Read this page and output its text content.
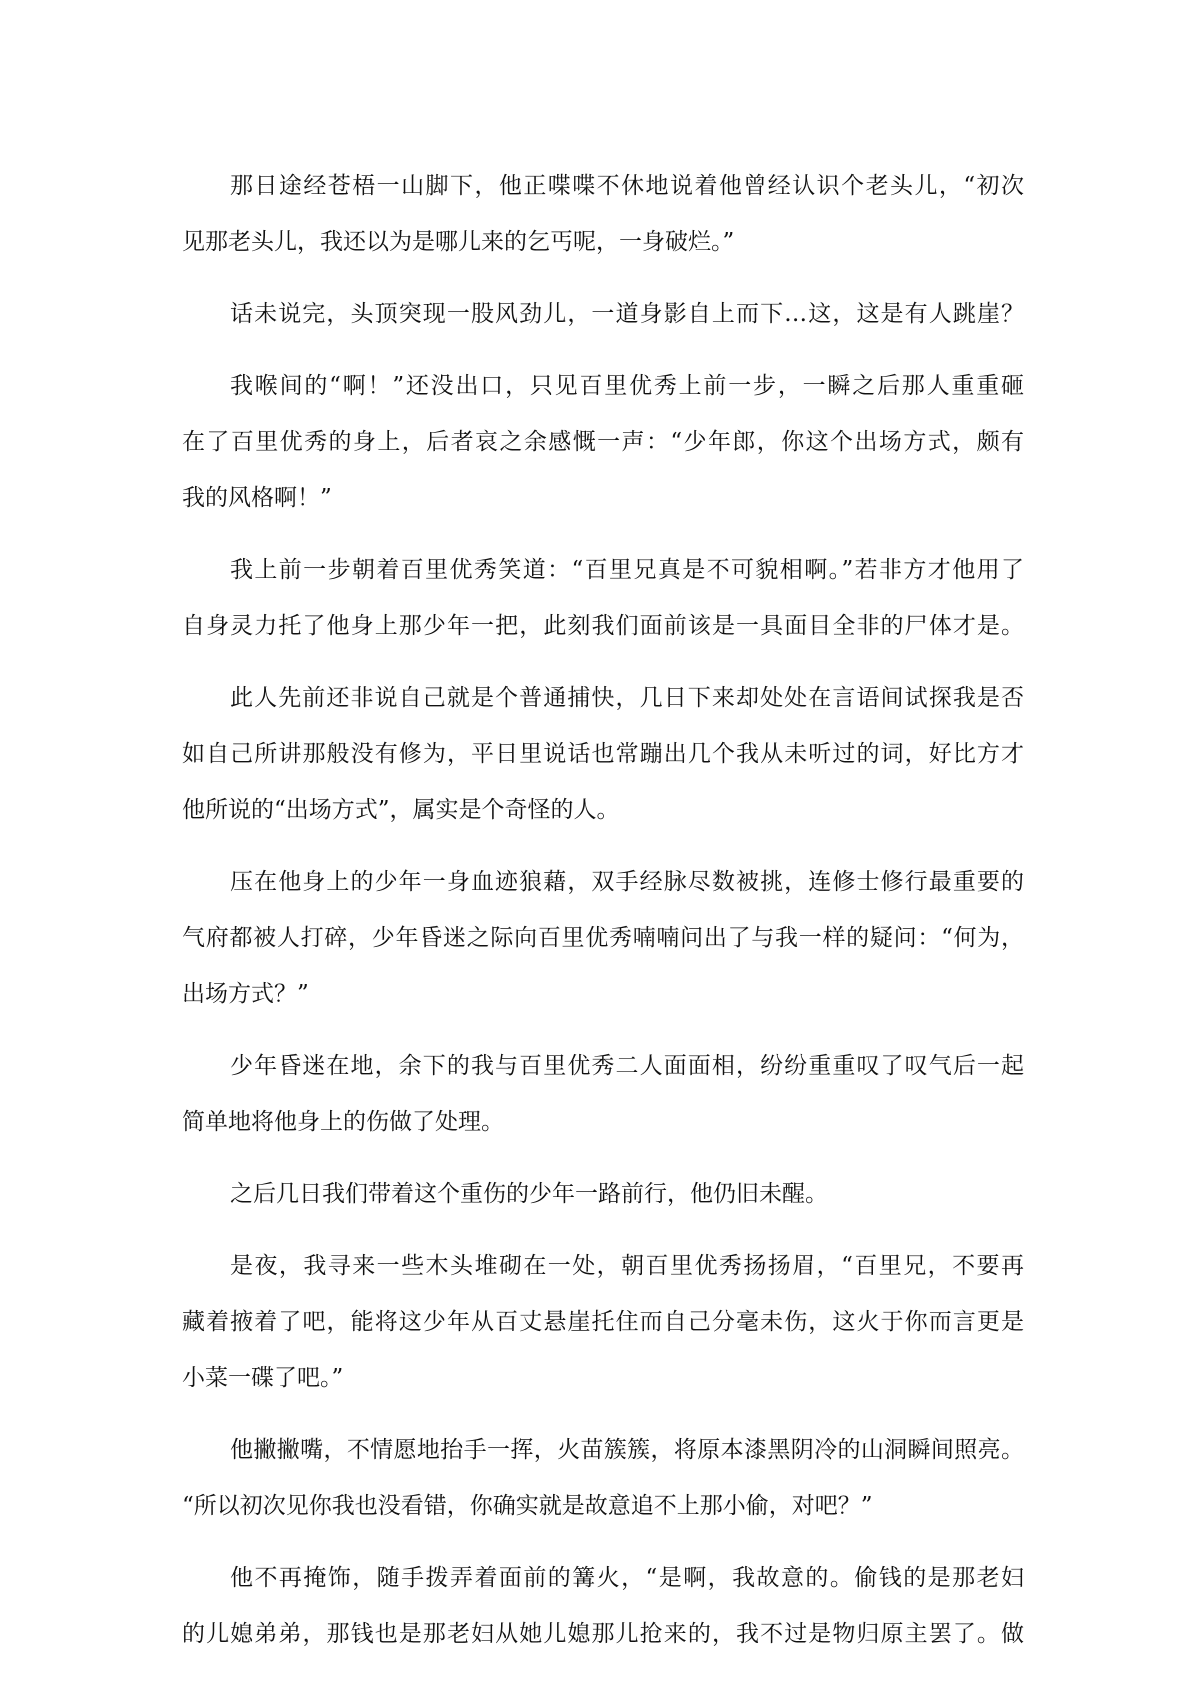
那日途经苍梧一山脚下，他正喋喋不休地说着他曾经认识个老头儿，“初次
见那老头儿，我还以为是哪儿来的乞丐呢，一身破烂。”

话未说完，头顶突现一股风劲儿，一道身影自上而下…这，这是有人跳崖？

我喉间的“啊！”还没出口，只见百里优秀上前一步，一瞬之后那人重重砸
在了百里优秀的身上，后者哀之余感慨一声：“少年郎，你这个出场方式，颇有
我的风格啊！”

我上前一步朝着百里优秀笑道：“百里兄真是不可貌相啊。”若非方才他用了
自身灵力托了他身上那少年一把，此刻我们面前该是一具面目全非的尸体才是。

此人先前还非说自己就是个普通捕快，几日下来却处处在言语间试探我是否
如自己所讲那般没有修为，平日里说话也常蹦出几个我从未听过的词，好比方才
他所说的“出场方式”，属实是个奇怪的人。

压在他身上的少年一身血迹狼藉，双手经脉尽数被挑，连修士修行最重要的
气府都被人打碎，少年昏迷之际向百里优秀喃喃问出了与我一样的疑问：“何为，
出场方式？”

少年昏迷在地，余下的我与百里优秀二人面面相，纷纷重重叹了叹气后一起
简单地将他身上的伤做了处理。

之后几日我们带着这个重伤的少年一路前行，他仍旧未醒。

是夜，我寻来一些木头堆砌在一处，朝百里优秀扬扬眉，“百里兄，不要再
藏着掖着了吧，能将这少年从百丈悬崖托住而自己分毫未伤，这火于你而言更是
小菜一碟了吧。”

他撇撇嘴，不情愿地抬手一挥，火苗簇簇，将原本漆黑阴冷的山洞瞬间照亮。
“所以初次见你我也没看错，你确实就是故意追不上那小偷，对吧？”

他不再掩饰，随手拨弄着面前的篝火，“是啊，我故意的。偷钱的是那老妇
的儿媳弟弟，那钱也是那老妇从她儿媳那儿抢来的，我不过是物归原主罢了。做
